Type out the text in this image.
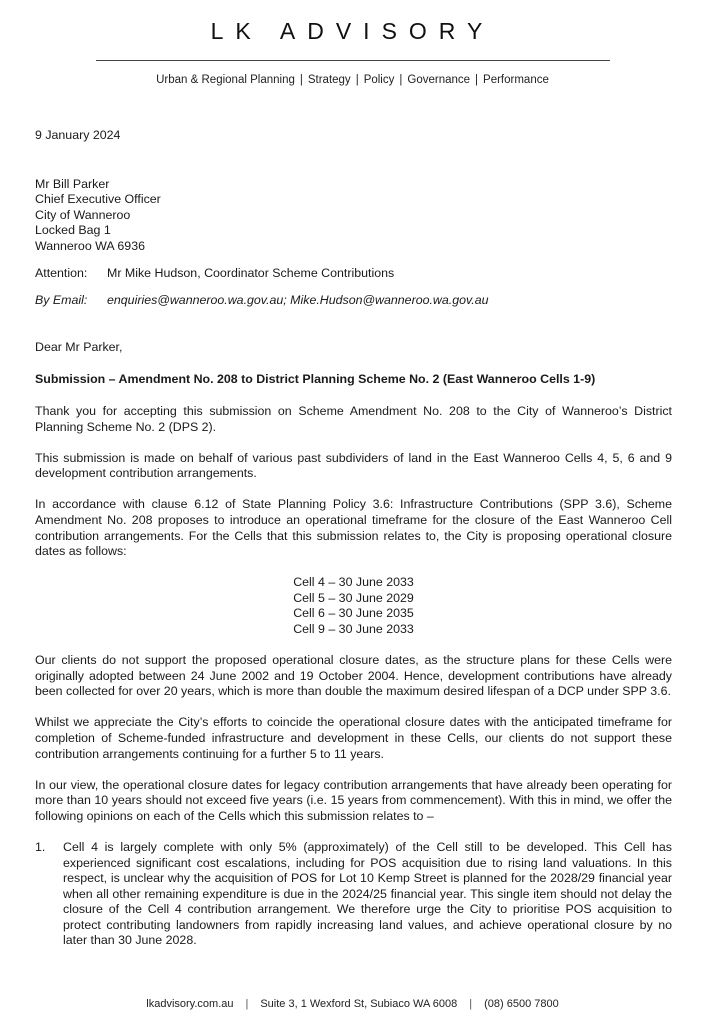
LK ADVISORY
Urban & Regional Planning | Strategy | Policy | Governance | Performance

9 January 2024

Mr Bill Parker

Chief Executive Officer

City of Wanneroo

Locked Bag 1

Wanneroo WA 6936

Attention:	Mr Mike Hudson, Coordinator Scheme Contributions
By Email:	enquiries@wanneroo.wa.gov.au; Mike.Hudson@wanneroo.wa.gov.au

Dear Mr Parker,

Submission – Amendment No. 208 to District Planning Scheme No. 2 (East Wanneroo Cells 1-9)

Thank you for accepting this submission on Scheme Amendment No. 208 to the City of Wanneroo’s District Planning Scheme No. 2 (DPS 2).

This submission is made on behalf of various past subdividers of land in the East Wanneroo Cells 4, 5, 6 and 9 development contribution arrangements.

In accordance with clause 6.12 of State Planning Policy 3.6: Infrastructure Contributions (SPP 3.6), Scheme Amendment No. 208 proposes to introduce an operational timeframe for the closure of the East Wanneroo Cell contribution arrangements. For the Cells that this submission relates to, the City is proposing operational closure dates as follows:

Cell 4 – 30 June 2033

Cell 5 – 30 June 2029

Cell 6 – 30 June 2035

Cell 9 – 30 June 2033

Our clients do not support the proposed operational closure dates, as the structure plans for these Cells were originally adopted between 24 June 2002 and 19 October 2004. Hence, development contributions have already been collected for over 20 years, which is more than double the maximum desired lifespan of a DCP under SPP 3.6.

Whilst we appreciate the City’s efforts to coincide the operational closure dates with the anticipated timeframe for completion of Scheme-funded infrastructure and development in these Cells, our clients do not support these contribution arrangements continuing for a further 5 to 11 years.

In our view, the operational closure dates for legacy contribution arrangements that have already been operating for more than 10 years should not exceed five years (i.e. 15 years from commencement). With this in mind, we offer the following opinions on each of the Cells which this submission relates to –

1.	Cell 4 is largely complete with only 5% (approximately) of the Cell still to be developed. This Cell has experienced significant cost escalations, including for POS acquisition due to rising land valuations. In this respect, is unclear why the acquisition of POS for Lot 10 Kemp Street is planned for the 2028/29 financial year when all other remaining expenditure is due in the 2024/25 financial year. This single item should not delay the closure of the Cell 4 contribution arrangement. We therefore urge the City to prioritise POS acquisition to protect contributing landowners from rapidly increasing land values, and achieve operational closure by no later than 30 June 2028.
lkadvisory.com.au | Suite 3, 1 Wexford St, Subiaco WA 6008 | (08) 6500 7800
